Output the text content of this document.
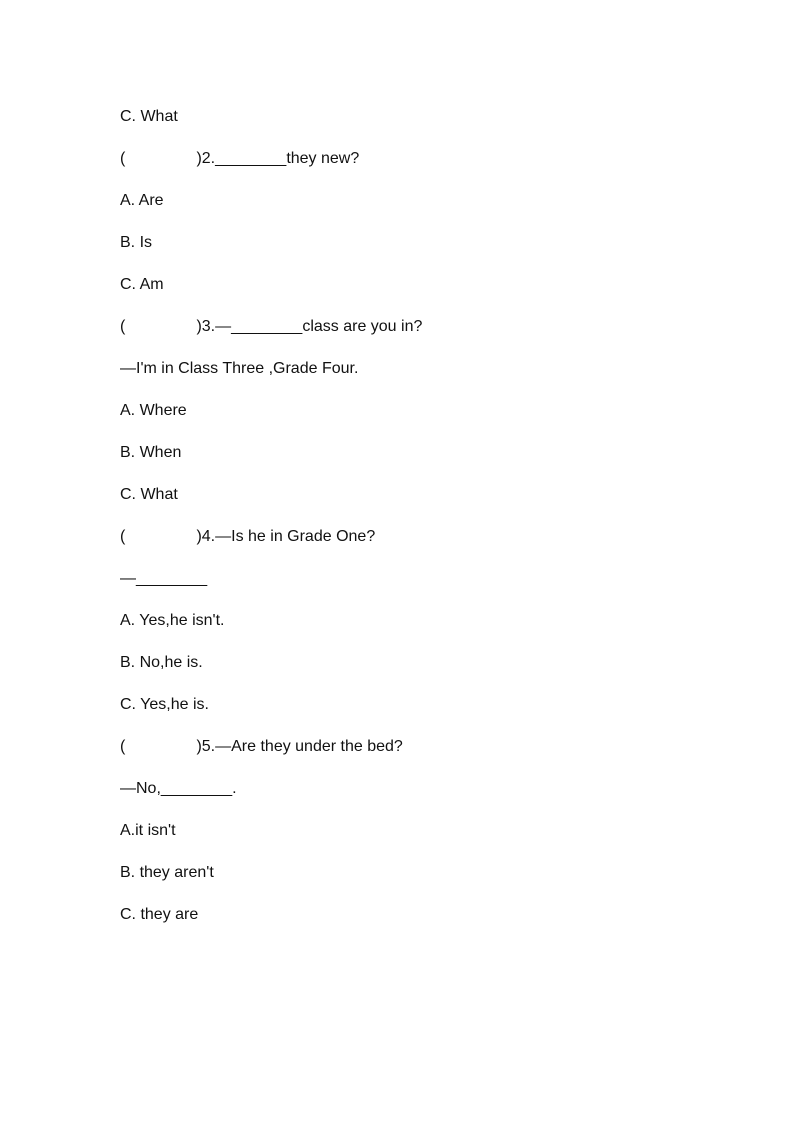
C. What
(                )2.________they new?
A. Are
B. Is
C. Am
(                )3.—________class are you in?
—I'm in Class Three ,Grade Four.
A. Where
B. When
C. What
(                )4.—Is he in Grade One?
—________
A. Yes,he isn't.
B. No,he is.
C. Yes,he is.
(                )5.—Are they under the bed?
—No,________.
A.it isn't
B. they aren't
C. they are
